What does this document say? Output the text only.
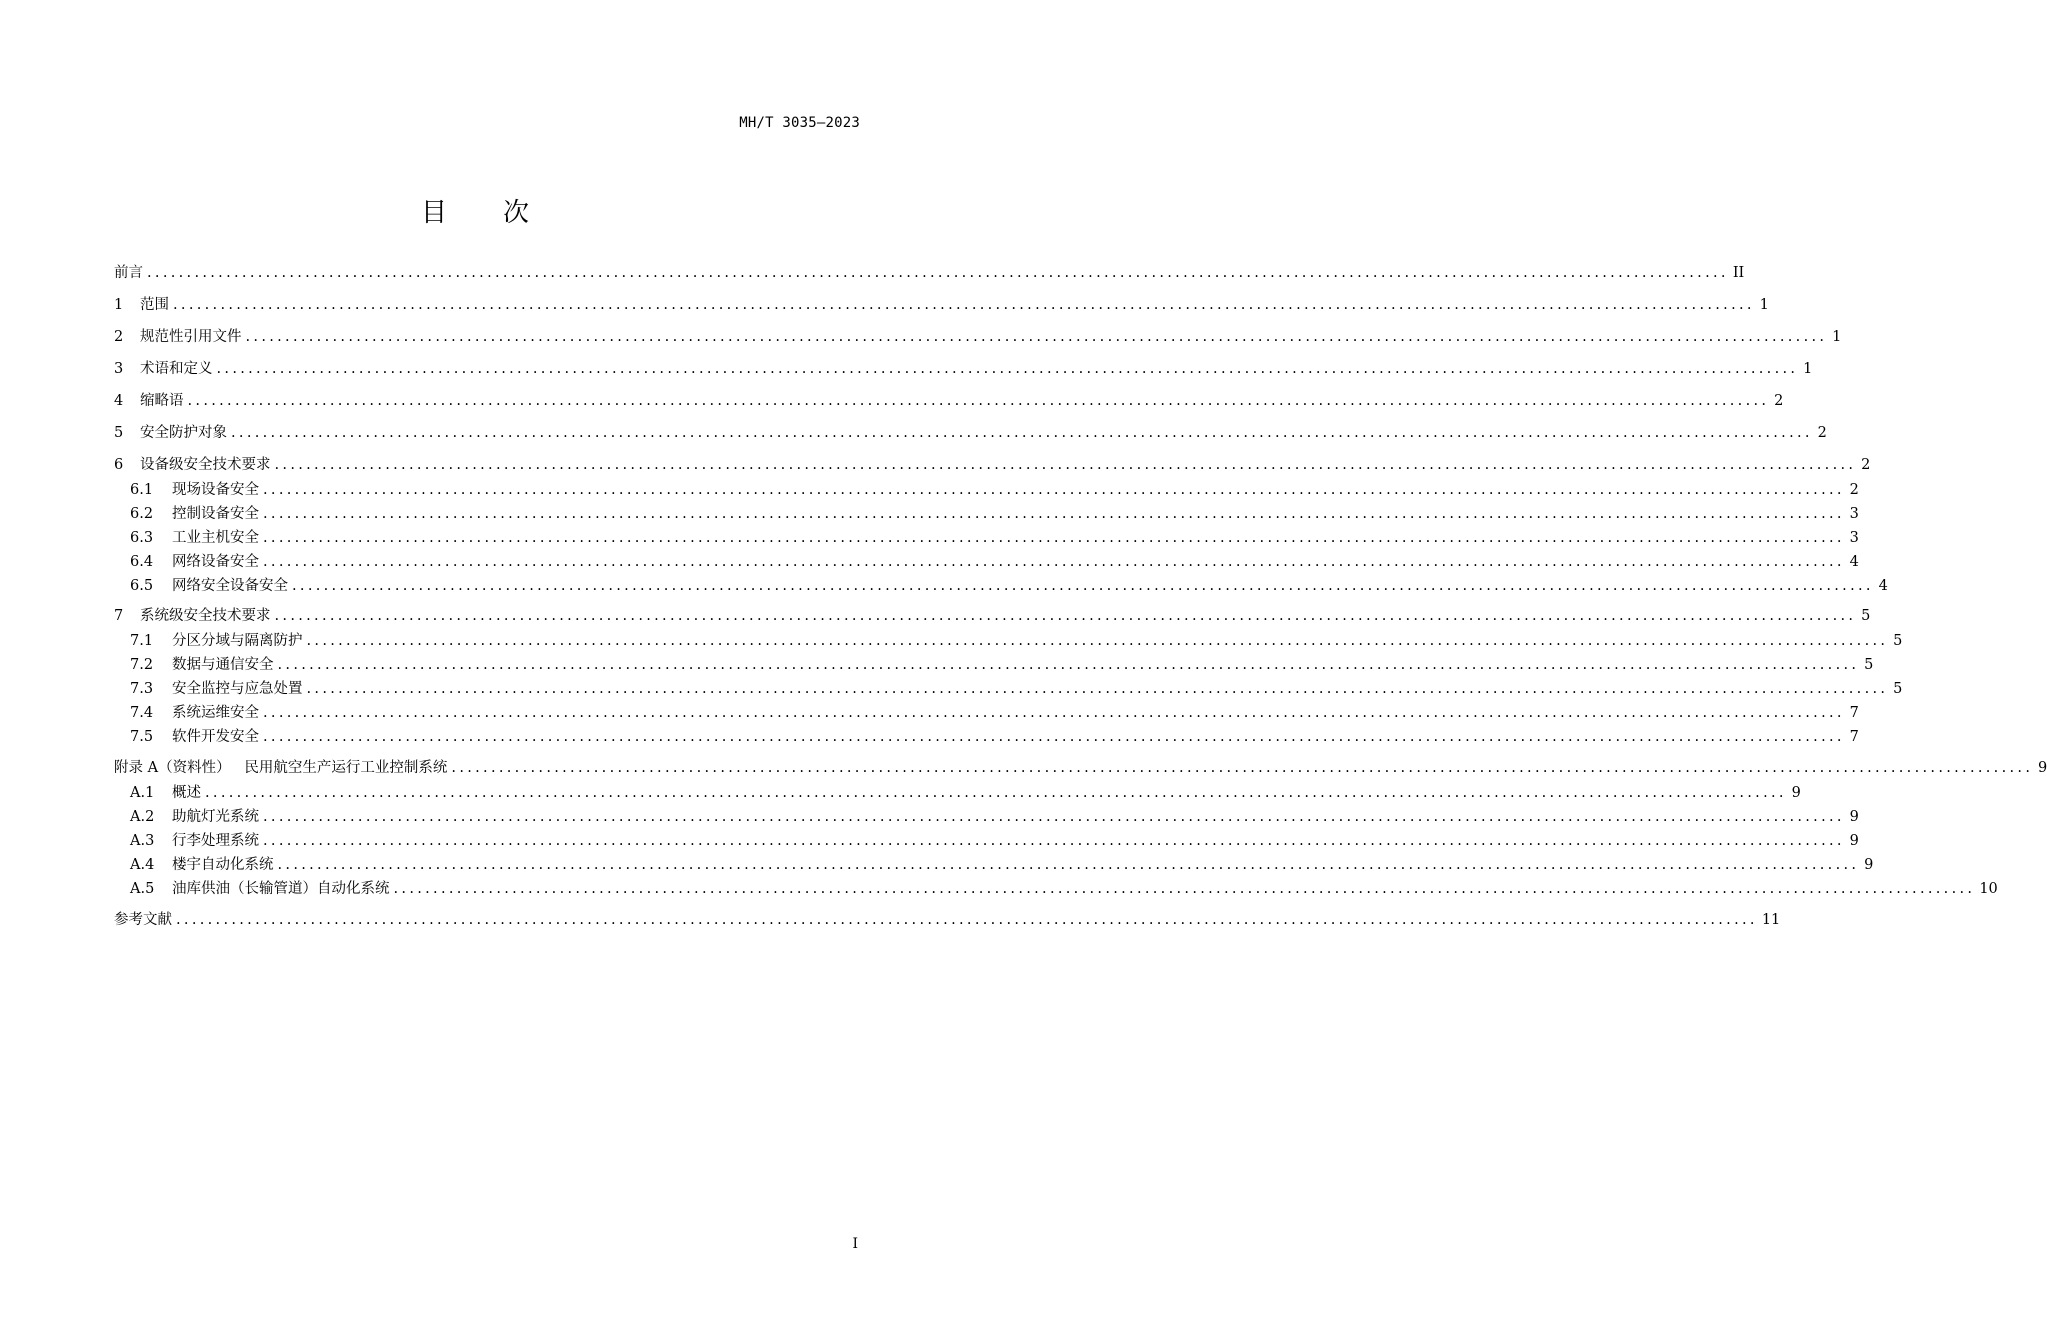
MH/T 3035—2023
目次
前言 ........................................................................................................................................................................................................ II
1	范围 ........................................................................................................................................................................................................ 1
2	规范性引用文件 ........................................................................................................................................................................................................ 1
3	术语和定义 ........................................................................................................................................................................................................ 1
4	缩略语 ........................................................................................................................................................................................................ 2
5	安全防护对象 ........................................................................................................................................................................................................ 2
6	设备级安全技术要求 ........................................................................................................................................................................................................ 2
6.1	现场设备安全 ........................................................................................................................................................................................................ 2
6.2	控制设备安全 ........................................................................................................................................................................................................ 3
6.3	工业主机安全 ........................................................................................................................................................................................................ 3
6.4	网络设备安全 ........................................................................................................................................................................................................ 4
6.5	网络安全设备安全 ........................................................................................................................................................................................................ 4
7	系统级安全技术要求 ........................................................................................................................................................................................................ 5
7.1	分区分域与隔离防护 ........................................................................................................................................................................................................ 5
7.2	数据与通信安全 ........................................................................................................................................................................................................ 5
7.3	安全监控与应急处置 ........................................................................................................................................................................................................ 5
7.4	系统运维安全 ........................................................................................................................................................................................................ 7
7.5	软件开发安全 ........................................................................................................................................................................................................ 7
附录 A（资料性）   民用航空生产运行工业控制系统 ........................................................................................................................................................................................................ 9
A.1	概述 ........................................................................................................................................................................................................ 9
A.2	助航灯光系统 ........................................................................................................................................................................................................ 9
A.3	行李处理系统 ........................................................................................................................................................................................................ 9
A.4	楼宇自动化系统 ........................................................................................................................................................................................................ 9
A.5	油库供油（长输管道）自动化系统 ........................................................................................................................................................................................................ 10
参考文献 ........................................................................................................................................................................................................ 11
I
